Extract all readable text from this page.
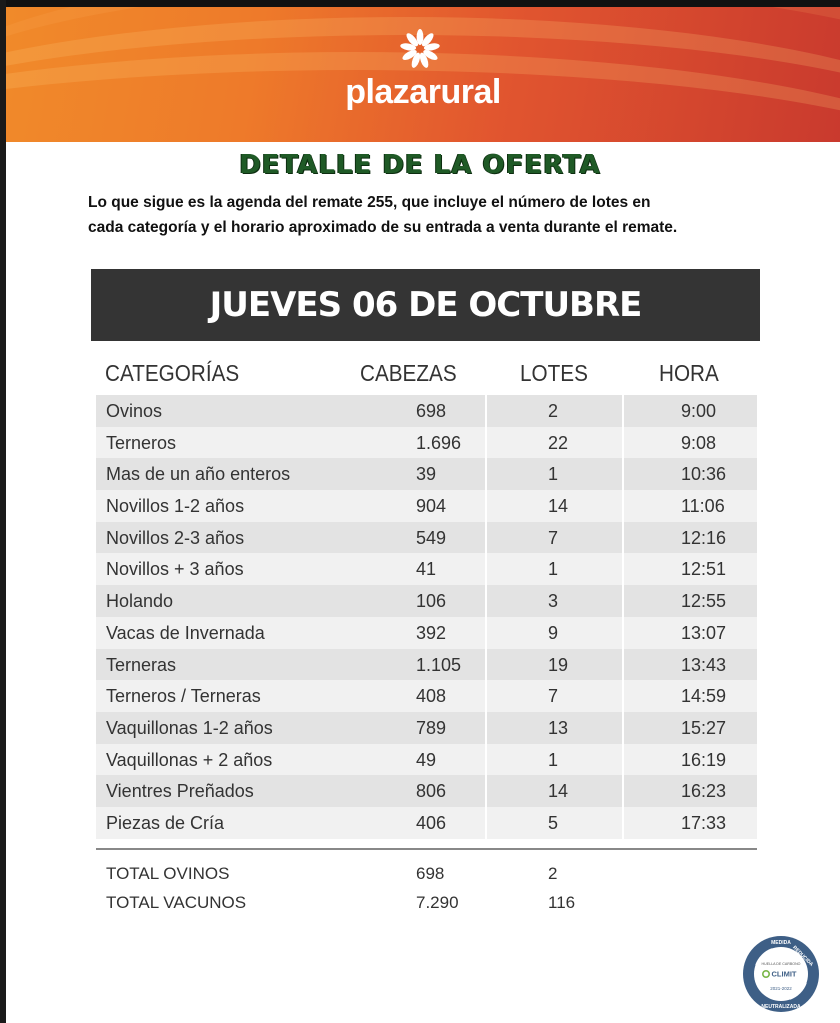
plazarural
DETALLE DE LA OFERTA
Lo que sigue es la agenda del remate 255, que incluye el número de lotes en
cada categoría y el horario aproximado de su entrada a venta durante el remate.
JUEVES 06 DE OCTUBRE
CATEGORÍAS	CABEZAS	LOTES	HORA
Ovinos	698	2	9:00
Terneros	1.696	22	9:08
Mas de un año enteros	39	1	10:36
Novillos 1-2 años	904	14	11:06
Novillos 2-3 años	549	7	12:16
Novillos + 3 años	41	1	12:51
Holando	106	3	12:55
Vacas de Invernada	392	9	13:07
Terneras	1.105	19	13:43
Terneros / Terneras	408	7	14:59
Vaquillonas 1-2 años	789	13	15:27
Vaquillonas + 2 años	49	1	16:19
Vientres Preñados	806	14	16:23
Piezas de Cría	406	5	17:33
TOTAL OVINOS	698	2
TOTAL VACUNOS	7.290	116
MEDIDA
REDUCIDA
HUELLA DE CARBONO
CLIMIT
2021-2022
NEUTRALIZADA
